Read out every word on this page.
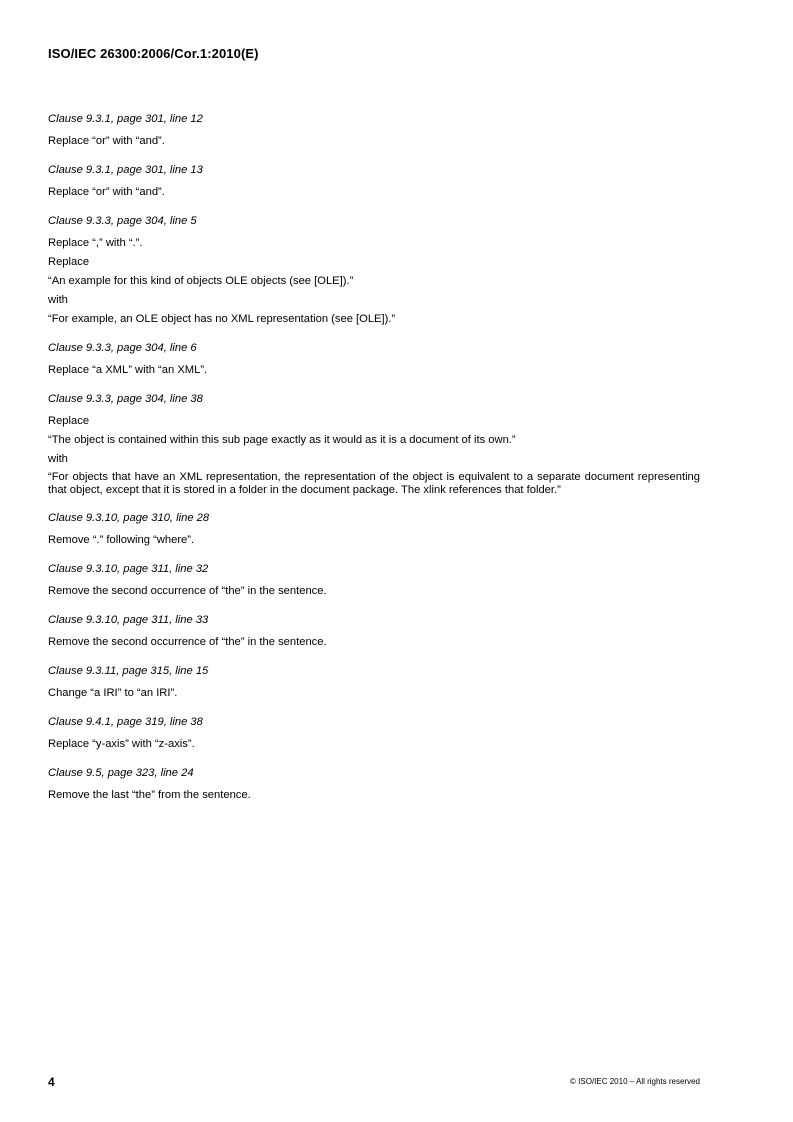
ISO/IEC 26300:2006/Cor.1:2010(E)
Clause 9.3.1, page 301, line 12
Replace “or” with “and”.
Clause 9.3.1, page 301, line 13
Replace “or” with “and”.
Clause 9.3.3, page 304, line 5
Replace “,” with “.”.
Replace
“An example for this kind of objects OLE objects (see [OLE]).”
with
“For example, an OLE object has no XML representation (see [OLE]).”
Clause 9.3.3, page 304, line 6
Replace “a XML” with “an XML”.
Clause 9.3.3, page 304, line 38
Replace
“The object is contained within this sub page exactly as it would as it is a document of its own.”
with
“For objects that have an XML representation, the representation of the object is equivalent to a separate document representing that object, except that it is stored in a folder in the document package. The xlink references that folder.”
Clause 9.3.10, page 310, line 28
Remove “.” following “where”.
Clause 9.3.10, page 311, line 32
Remove the second occurrence of “the” in the sentence.
Clause 9.3.10, page 311, line 33
Remove the second occurrence of “the” in the sentence.
Clause 9.3.11, page 315, line 15
Change “a IRI” to “an IRI”.
Clause 9.4.1, page 319, line 38
Replace “y-axis” with “z-axis”.
Clause 9.5, page 323, line 24
Remove the last “the” from the sentence.
4	© ISO/IEC 2010 – All rights reserved
